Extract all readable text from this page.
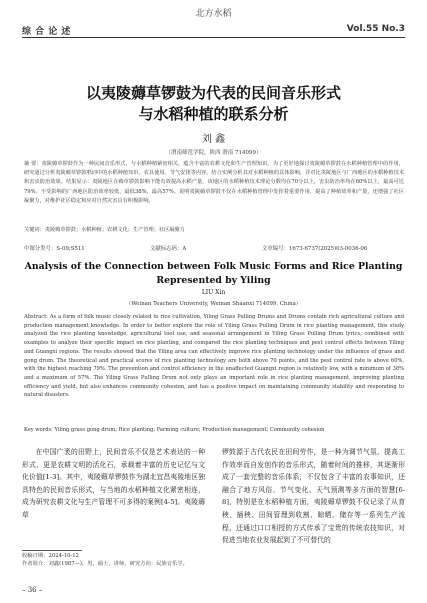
北方水稻
综 合 论 述	Vol.55 No.3
以夷陵薅草锣鼓为代表的民间音乐形式
与水稻种植的联系分析
刘 鑫
（渭南师范学院，陕西 渭南 714099）
摘 要：夷陵薅草锣鼓作为一种民间音乐形式，与水稻种植紧密相关，蕴含丰富的农耕文化和生产管理知识。为了更好地探讨夷陵薅草锣鼓在水稻种植管理中的作用，研究通过分析夷陵薅草锣鼓唱词中的水稻种植知识、农具使用、节气安排等内容，结合实例分析其对水稻种植的具体影响，并对比夷陵地区与广西地区的水稻种植技术和害虫防治效果。结果显示：夷陵地区在薅草锣鼓影响下能有效提高水稻产量，该地区的水稻种植技术理论分数均在70分以上，害虫防治率均在60%以上，最高可达79%。不受影响的广西地区防治效率较低，最低38%，最高57%。说明夷陵薅草锣鼓不仅在水稻种植管理中发挥着重要作用，提高了种植效率和产量，还增强了社区凝聚力，对维护社区稳定和应对自然灾害具有积极影响。
关键词：夷陵薅草锣鼓；水稻种植；农耕文化；生产管理；社区凝聚力
中图分类号：S-09;S511	文献标志码：A	文章编号：1673-6737(2025)03-0036-06
Analysis of the Connection between Folk Music Forms and Rice Planting
Represented by Yiling
LIU Xin
（Weinan Teachers University, Weinan Shaanxi 714099, China）
Abstract: As a form of folk music closely related to rice cultivation, Yiling Grass Pulling Drums and Drums contain rich agricultural culture and production management knowledge. In order to better explore the role of Yiling Grass Pulling Drum in rice planting management, this study analyzed the rice planting knowledge, agricultural tool use, and seasonal arrangement in Yiling Grass Pulling Drum lyrics, combined with examples to analyze their specific impact on rice planting, and compared the rice planting techniques and pest control effects between Yiling and Guangxi regions. The results showed that the Yiling area can effectively improve rice planting technology under the influence of grass and gong drum. The theoretical and practical scores of rice planting technology are both above 70 points, and the pest control rate is above 60%, with the highest reaching 79%. The prevention and control efficiency in the unaffected Guangxi region is relatively low, with a minimum of 38% and a maximum of 57%. The Yiling Grass Pulling Drum not only plays an important role in rice planting management, improving planting efficiency and yield, but also enhances community cohesion, and has a positive impact on maintaining community stability and responding to natural disasters.
Key words: Yiling grass gong drum; Rice planting; Farming culture; Production management; Community cohesion

在中国广袤的田野上，民间音乐不仅是艺术表达的一种形式，更是农耕文明的活化石，承载着丰富的历史记忆与文化价值[1-3]。其中，夷陵薅草锣鼓作为湖北宜昌夷陵地区独具特色的民间音乐形式，与当地的水稻种植文化紧密相连，成为研究农耕文化与生产管理不可多得的案例[4-5]。夷陵薅草

锣鼓源于古代农民在田间劳作，是一种为调节气氛、提高工作效率而自发创作的音乐形式，随着时间的推移，其逐渐形成了一套完整的音乐体系，不仅包含了丰富的农事知识，还融合了地方风俗、节气变化、天气预测等多方面的智慧[6-8]，特别是在水稻种植方面，夷陵薅草锣鼓不仅记录了从育秧、插秧、田间管理到收割、晾晒、储存等一系列生产流程，还通过口口相授的方式传承了宝贵的传统农技知识，对促进当地农业发展起到了不可替代的

收稿日期：2024-10-12
作者简介：刘鑫(1987—)，男，硕士，讲师，研究方向：民族音乐学。
– 36 –
